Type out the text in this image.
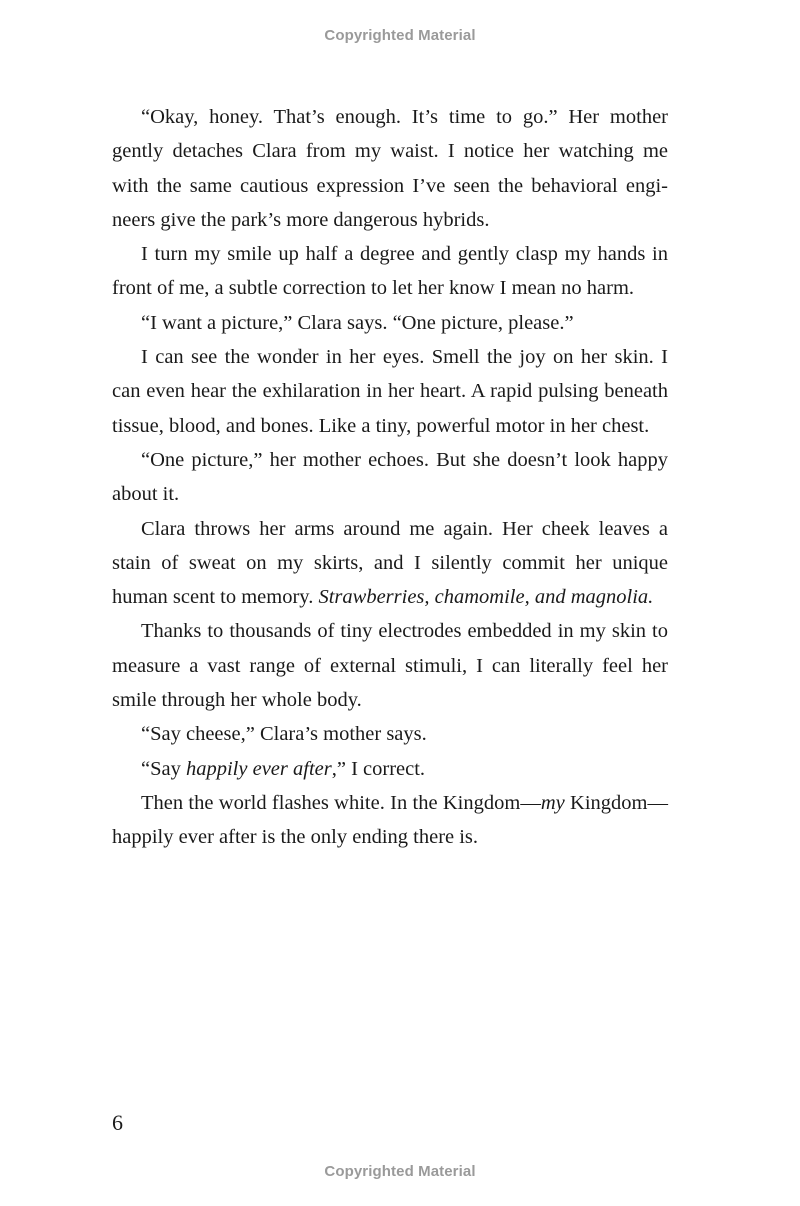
Copyrighted Material

“Okay, honey. That’s enough. It’s time to go.” Her mother gently detaches Clara from my waist. I notice her watching me with the same cautious expression I’ve seen the behavioral engineers give the park’s more dangerous hybrids.

I turn my smile up half a degree and gently clasp my hands in front of me, a subtle correction to let her know I mean no harm.

“I want a picture,” Clara says. “One picture, please.”

I can see the wonder in her eyes. Smell the joy on her skin. I can even hear the exhilaration in her heart. A rapid pulsing beneath tissue, blood, and bones. Like a tiny, powerful motor in her chest.

“One picture,” her mother echoes. But she doesn’t look happy about it.

Clara throws her arms around me again. Her cheek leaves a stain of sweat on my skirts, and I silently commit her unique human scent to memory. Strawberries, chamomile, and magnolia.

Thanks to thousands of tiny electrodes embedded in my skin to measure a vast range of external stimuli, I can literally feel her smile through her whole body.

“Say cheese,” Clara’s mother says.

“Say happily ever after,” I correct.

Then the world flashes white. In the Kingdom—my Kingdom—happily ever after is the only ending there is.

6
Copyrighted Material
